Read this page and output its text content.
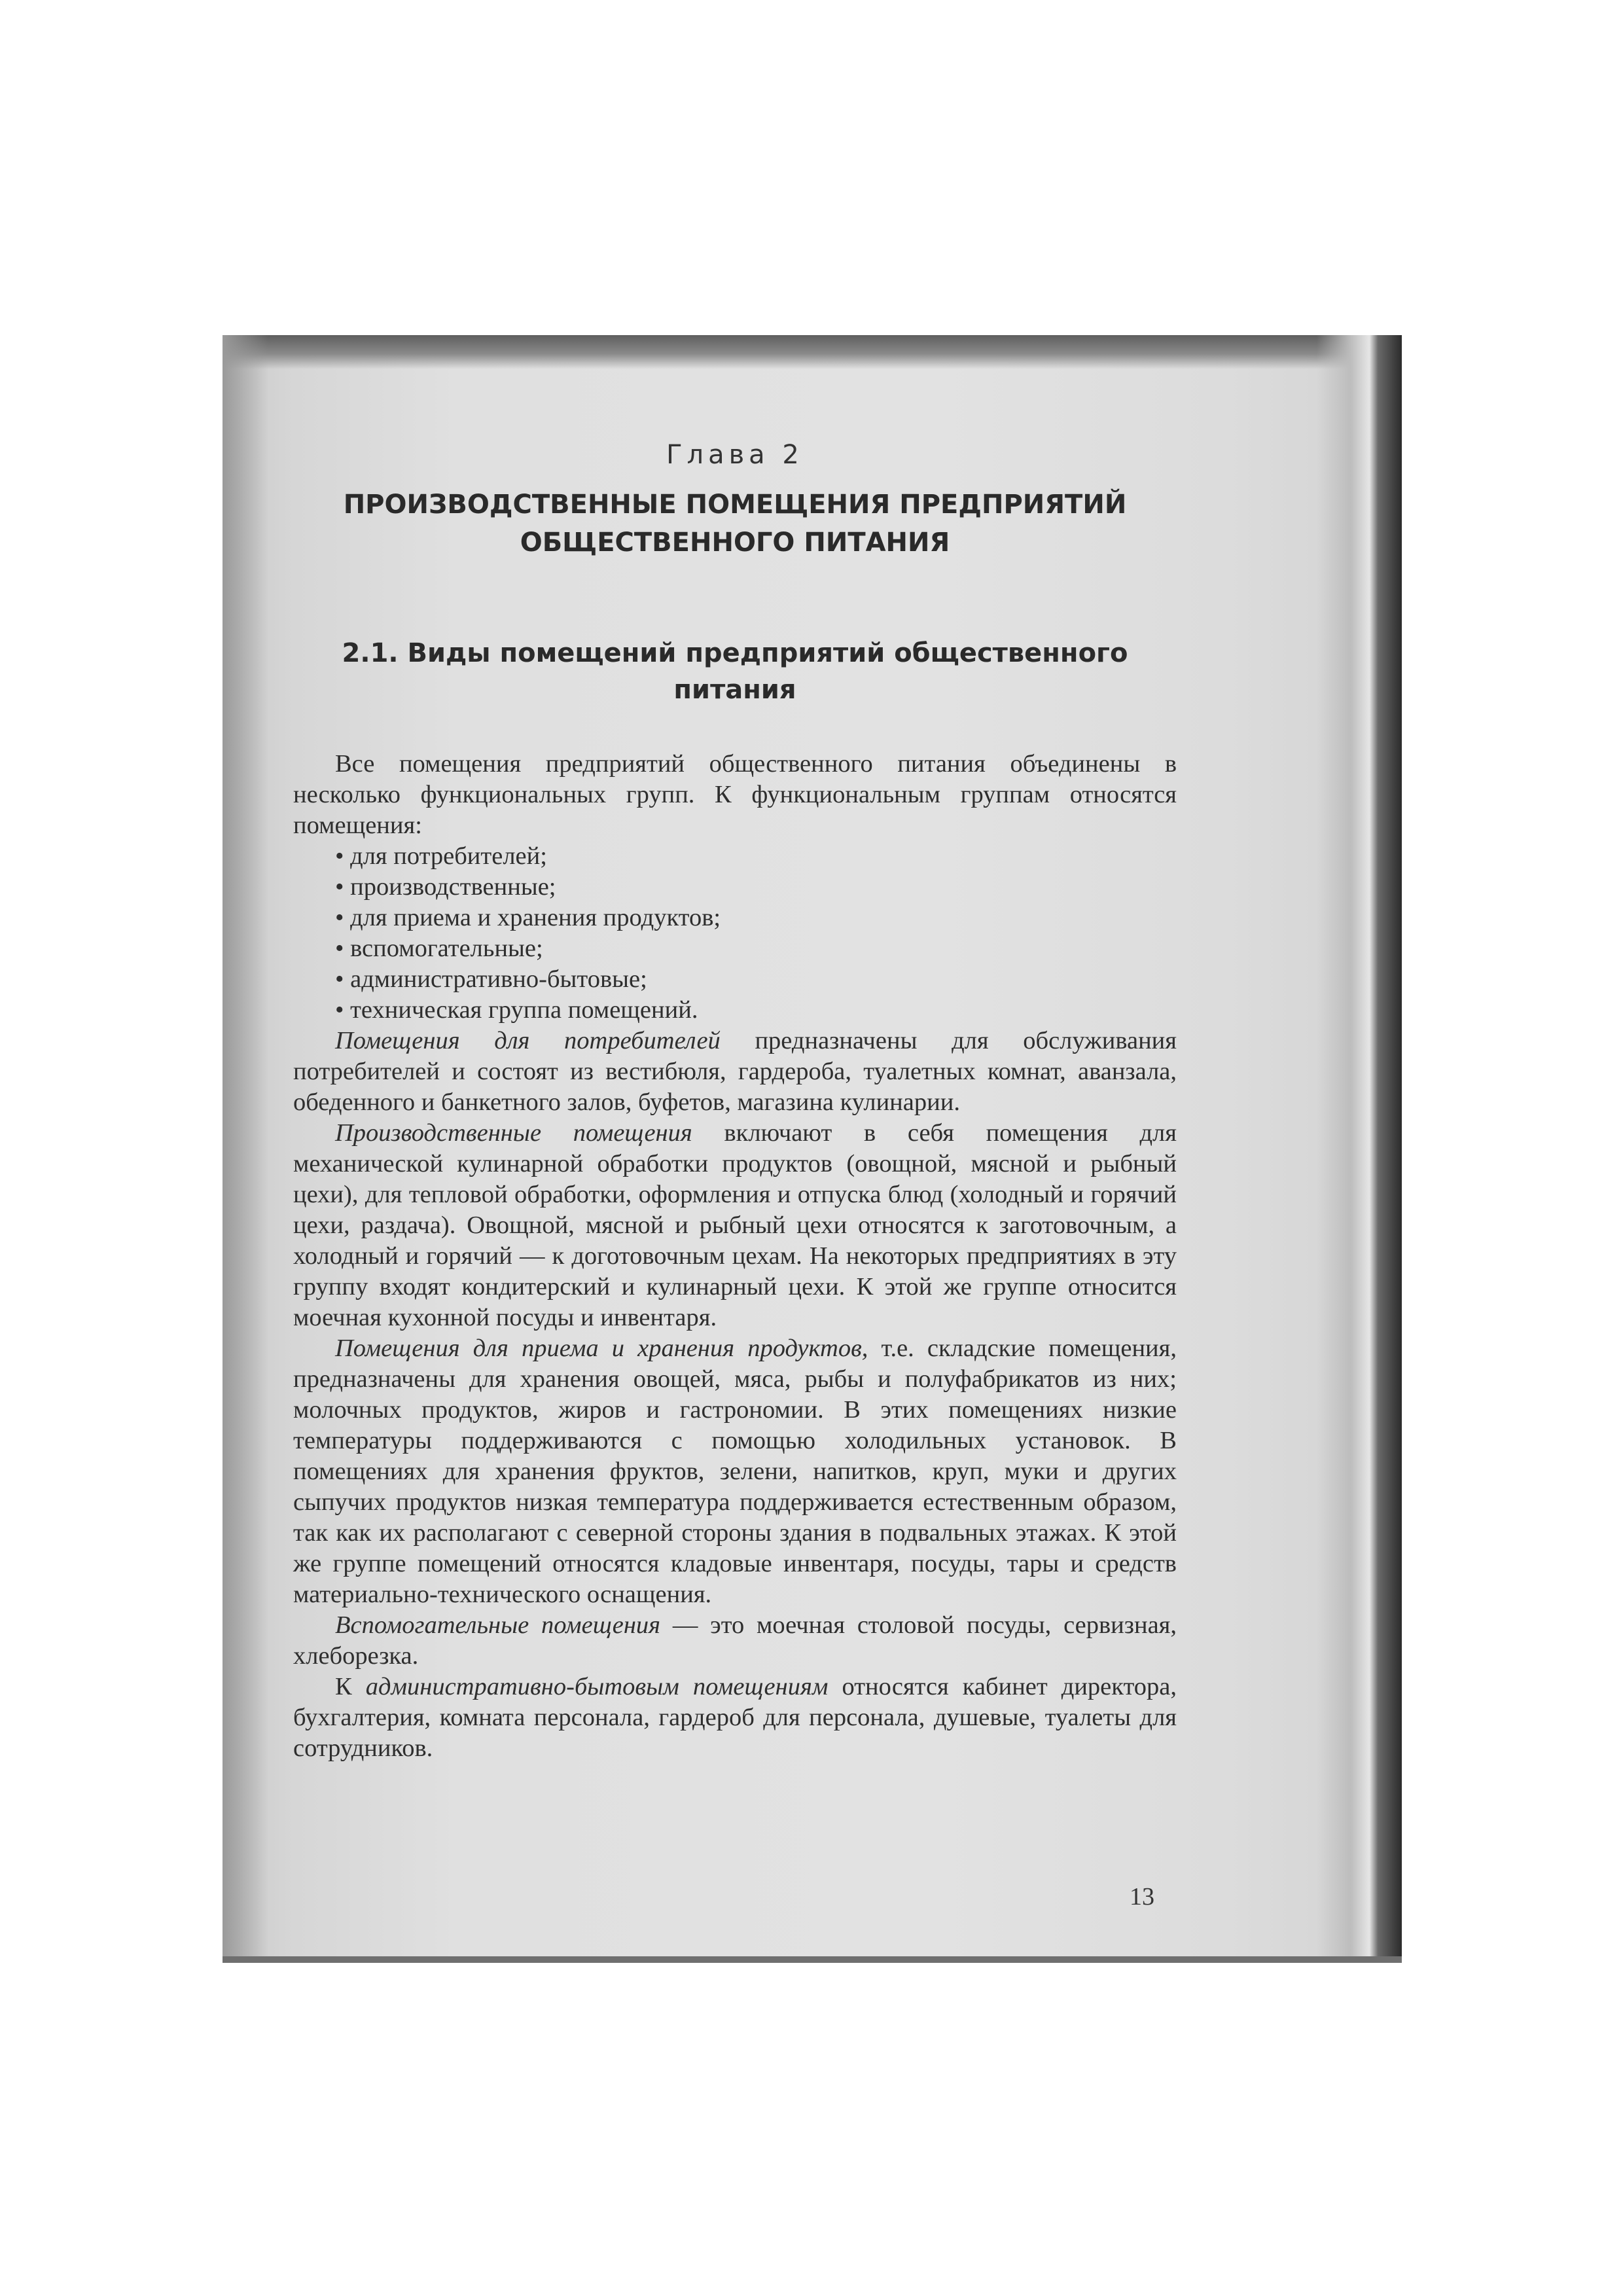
Глава 2

ПРОИЗВОДСТВЕННЫЕ ПОМЕЩЕНИЯ ПРЕДПРИЯТИЙ
ОБЩЕСТВЕННОГО ПИТАНИЯ
2.1. Виды помещений предприятий общественного
питания

Все помещения предприятий общественного питания объединены в несколько функциональных групп. К функциональным группам относятся помещения:

• для потребителей;
• производственные;
• для приема и хранения продуктов;
• вспомогательные;
• административно-бытовые;
• техническая группа помещений.

Помещения для потребителей предназначены для обслуживания потребителей и состоят из вестибюля, гардероба, туалетных комнат, аванзала, обеденного и банкетного залов, буфетов, магазина кулинарии.

Производственные помещения включают в себя помещения для механической кулинарной обработки продуктов (овощной, мясной и рыбный цехи), для тепловой обработки, оформления и отпуска блюд (холодный и горячий цехи, раздача). Овощной, мясной и рыбный цехи относятся к заготовочным, а холодный и горячий — к доготовочным цехам. На некоторых предприятиях в эту группу входят кондитерский и кулинарный цехи. К этой же группе относится моечная кухонной посуды и инвентаря.

Помещения для приема и хранения продуктов, т.е. складские помещения, предназначены для хранения овощей, мяса, рыбы и полуфабрикатов из них; молочных продуктов, жиров и гастрономии. В этих помещениях низкие температуры поддерживаются с помощью холодильных установок. В помещениях для хранения фруктов, зелени, напитков, круп, муки и других сыпучих продуктов низкая температура поддерживается естественным образом, так как их располагают с северной стороны здания в подвальных этажах. К этой же группе помещений относятся кладовые инвентаря, посуды, тары и средств материально-технического оснащения.

Вспомогательные помещения — это моечная столовой посуды, сервизная, хлеборезка.

К административно-бытовым помещениям относятся кабинет директора, бухгалтерия, комната персонала, гардероб для персонала, душевые, туалеты для сотрудников.

13
